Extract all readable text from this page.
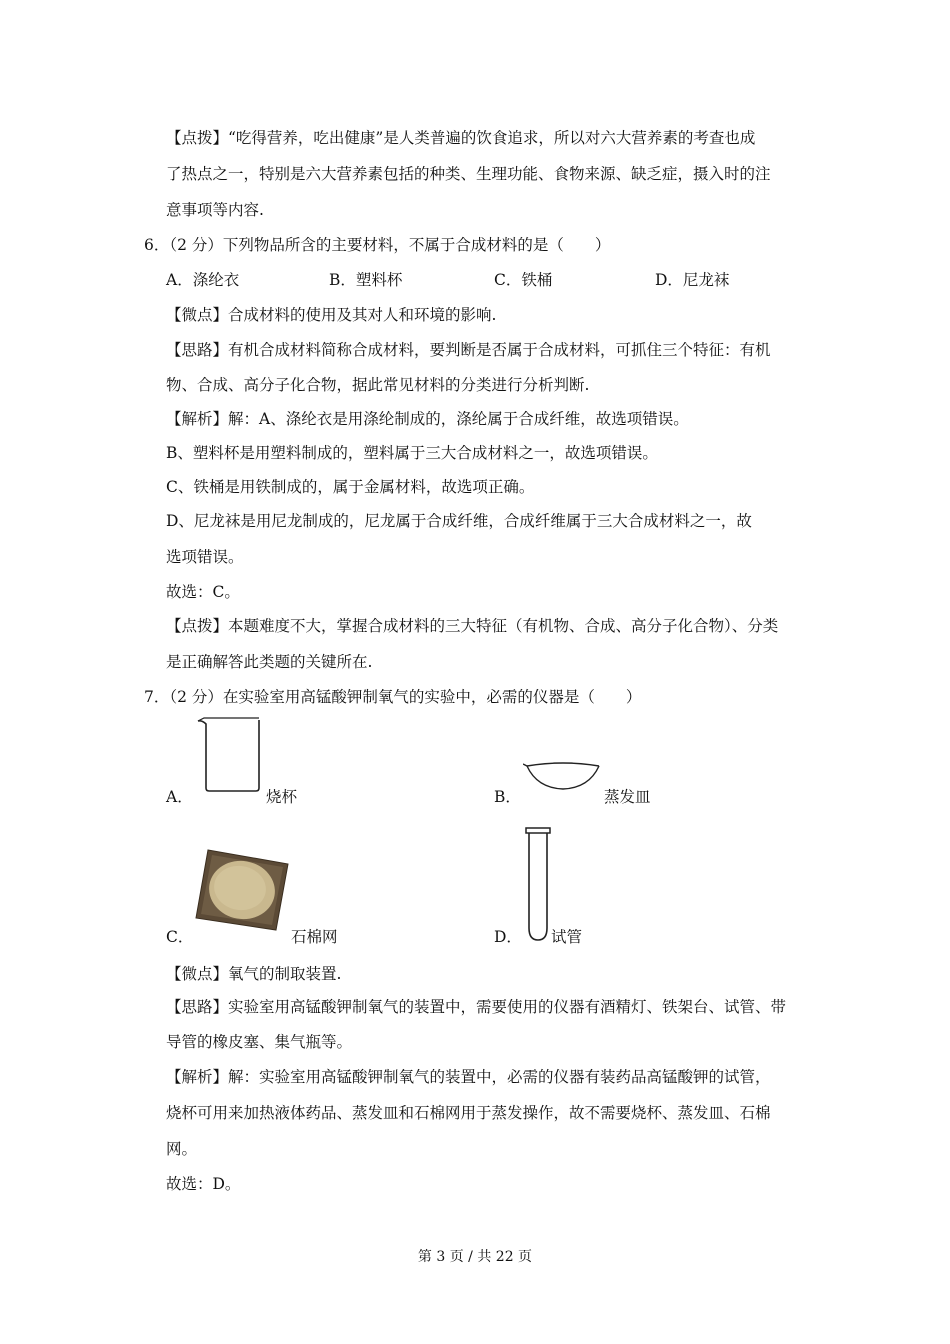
【点拨】“吃得营养，吃出健康”是人类普遍的饮食追求，所以对六大营养素的考查也成
了热点之一，特别是六大营养素包括的种类、生理功能、食物来源、缺乏症，摄入时的注
意事项等内容.
6．（2 分）下列物品所含的主要材料，不属于合成材料的是（　　）
A．涤纶衣	B．塑料杯	C．铁桶	D．尼龙袜
【微点】合成材料的使用及其对人和环境的影响.
【思路】有机合成材料简称合成材料，要判断是否属于合成材料，可抓住三个特征：有机
物、合成、高分子化合物，据此常见材料的分类进行分析判断.
【解析】解：A、涤纶衣是用涤纶制成的，涤纶属于合成纤维，故选项错误。
B、塑料杯是用塑料制成的，塑料属于三大合成材料之一，故选项错误。
C、铁桶是用铁制成的，属于金属材料，故选项正确。
D、尼龙袜是用尼龙制成的，尼龙属于合成纤维，合成纤维属于三大合成材料之一，故
选项错误。
故选：C。
【点拨】本题难度不大，掌握合成材料的三大特征（有机物、合成、高分子化合物）、分类
是正确解答此类题的关键所在.
7．（2 分）在实验室用高锰酸钾制氧气的实验中，必需的仪器是（　　）
A．	烧杯	B．	蒸发皿
C．	石棉网	D． 试管
【微点】氧气的制取装置.
【思路】实验室用高锰酸钾制氧气的装置中，需要使用的仪器有酒精灯、铁架台、试管、带
导管的橡皮塞、集气瓶等。
【解析】解：实验室用高锰酸钾制氧气的装置中，必需的仪器有装药品高锰酸钾的试管，
烧杯可用来加热液体药品、蒸发皿和石棉网用于蒸发操作，故不需要烧杯、蒸发皿、石棉
网。
故选：D。
第 3 页 / 共 22 页
